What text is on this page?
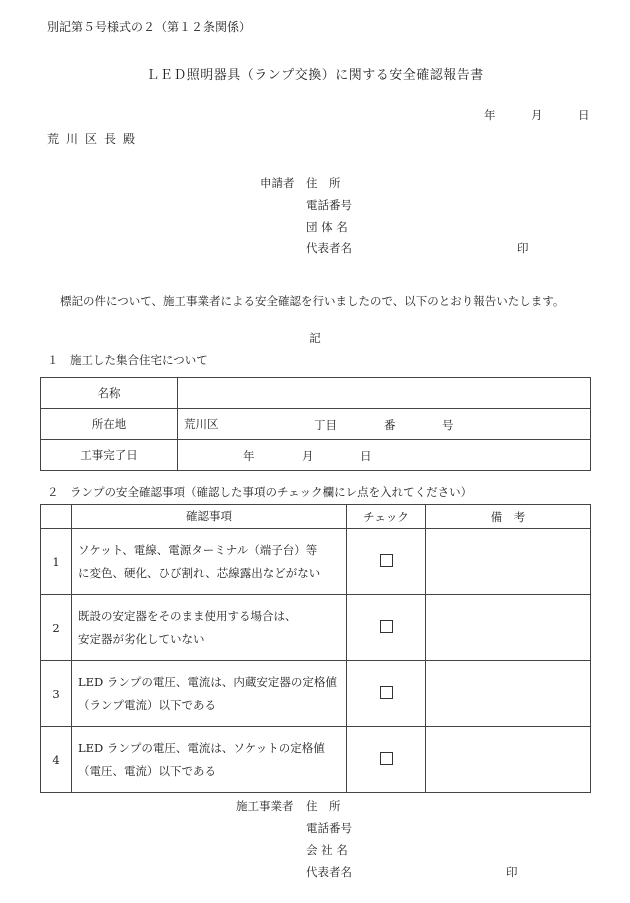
別記第５号様式の２（第１２条関係）
ＬＥＤ照明器具（ランプ交換）に関する安全確認報告書
年	月	日
荒川区長殿
申請者 住　所
電話番号
団 体 名
代表者名	印
標記の件について、施工事業者による安全確認を行いましたので、以下のとおり報告いたします。
記
１　施工した集合住宅について
名称	
所在地	荒川区 丁目 番 号

工事完了日	年 月 日
２　ランプの安全確認事項（確認した事項のチェック欄にレ点を入れてください）
	確認事項	チェック	備　考
1	ソケット、電線、電源ターミナル（端子台）等
に変色、硬化、ひび割れ、芯線露出などがない		

2	既設の安定器をそのまま使用する場合は、
安定器が劣化していない		

3	LED ランプの電圧、電流は、内蔵安定器の定格値
（ランプ電流）以下である		

4	LED ランプの電圧、電流は、ソケットの定格値
（電圧、電流）以下である		

施工事業者 住　所
電話番号
会 社 名
代表者名	印
